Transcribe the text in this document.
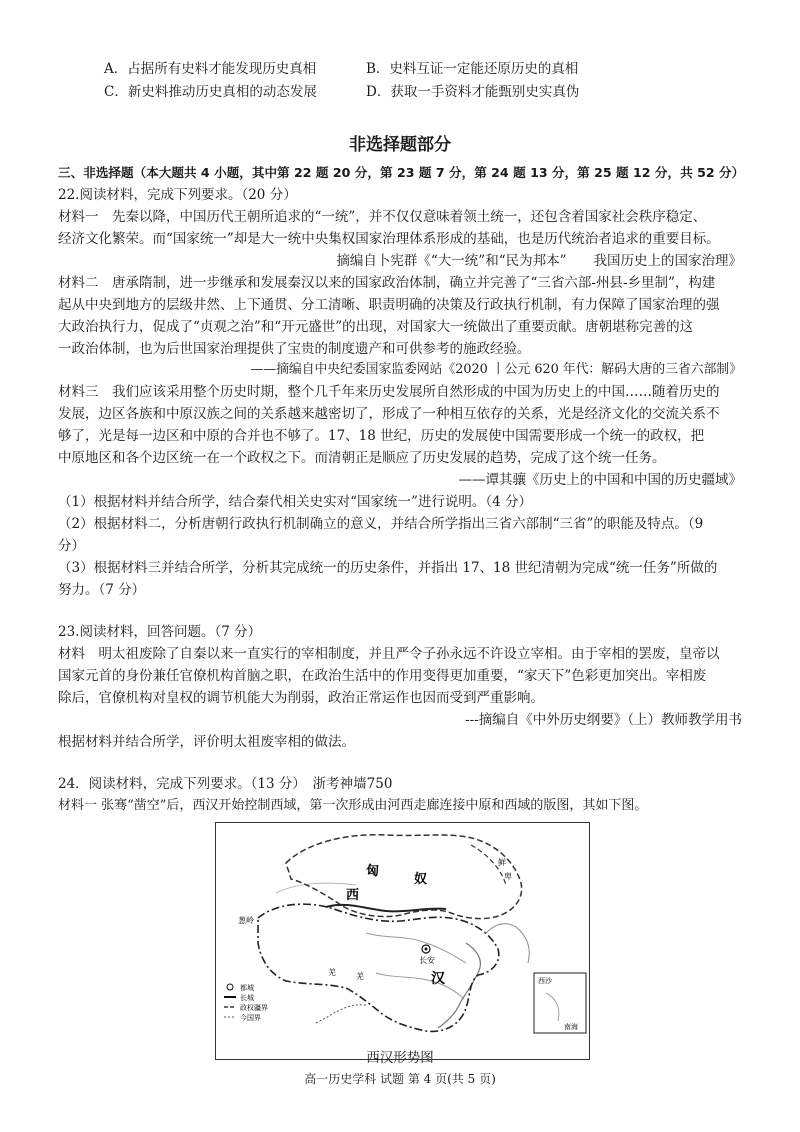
A．占据所有史料才能发现历史真相	B．史料互证一定能还原历史的真相
C．新史料推动历史真相的动态发展	D．获取一手资料才能甄别史实真伪
非选择题部分
三、非选择题（本大题共 4 小题，其中第 22 题 20 分，第 23 题 7 分，第 24 题 13 分，第 25 题 12 分，共 52 分）
22.阅读材料，完成下列要求。（20 分）
材料一　先秦以降，中国历代王朝所追求的“一统”，并不仅仅意味着领土统一，还包含着国家社会秩序稳定、
经济文化繁荣。而“国家统一”却是大一统中央集权国家治理体系形成的基础，也是历代统治者追求的重要目标。
摘编自卜宪群《“大一统”和“民为邦本”　　我国历史上的国家治理》
材料二　唐承隋制，进一步继承和发展秦汉以来的国家政治体制，确立并完善了“三省六部-州县-乡里制”，构建
起从中央到地方的层级井然、上下通贯、分工清晰、职责明确的决策及行政执行机制，有力保障了国家治理的强
大政治执行力，促成了“贞观之治”和“开元盛世”的出现，对国家大一统做出了重要贡献。唐朝堪称完善的这
一政治体制，也为后世国家治理提供了宝贵的制度遗产和可供参考的施政经验。
——摘编自中央纪委国家监委网站《2020 丨公元 620 年代：解码大唐的三省六部制》
材料三　我们应该采用整个历史时期，整个几千年来历史发展所自然形成的中国为历史上的中国……随着历史的
发展，边区各族和中原汉族之间的关系越来越密切了，形成了一种相互依存的关系，光是经济文化的交流关系不
够了，光是每一边区和中原的合并也不够了。17、18 世纪，历史的发展使中国需要形成一个统一的政权，把
中原地区和各个边区统一在一个政权之下。而清朝正是顺应了历史发展的趋势，完成了这个统一任务。
——谭其骧《历史上的中国和中国的历史疆域》
（1）根据材料并结合所学，结合秦代相关史实对“国家统一”进行说明。（4 分）
（2）根据材料二，分析唐朝行政执行机制确立的意义，并结合所学指出三省六部制“三省”的职能及特点。（9
分）
（3）根据材料三并结合所学，分析其完成统一的历史条件，并指出 17、18 世纪清朝为完成“统一任务”所做的
努力。（7 分）
23.阅读材料，回答问题。（7 分）
材料　明太祖废除了自秦以来一直实行的宰相制度，并且严令子孙永远不许设立宰相。由于宰相的罢废，皇帝以
国家元首的身份兼任官僚机构首脑之职，在政治生活中的作用变得更加重要，“家天下”色彩更加突出。宰相废
除后，官僚机构对皇权的调节机能大为削弱，政治正常运作也因而受到严重影响。
---摘编自《中外历史纲要》（上）教师教学用书
根据材料并结合所学，评价明太祖废宰相的做法。
24．阅读材料，完成下列要求。（13 分）　浙考神墙750
材料一 张骞“凿空”后，西汉开始控制西域，第一次形成由河西走廊连接中原和西域的版图，其如下图。
匈
奴
鲜
卑
西
葱岭
长安
汉
羌	羌
都城
长城
政权疆界
今国界
西沙
南海
西汉形势图
高一历史学科 试题 第 4 页(共 5 页)
